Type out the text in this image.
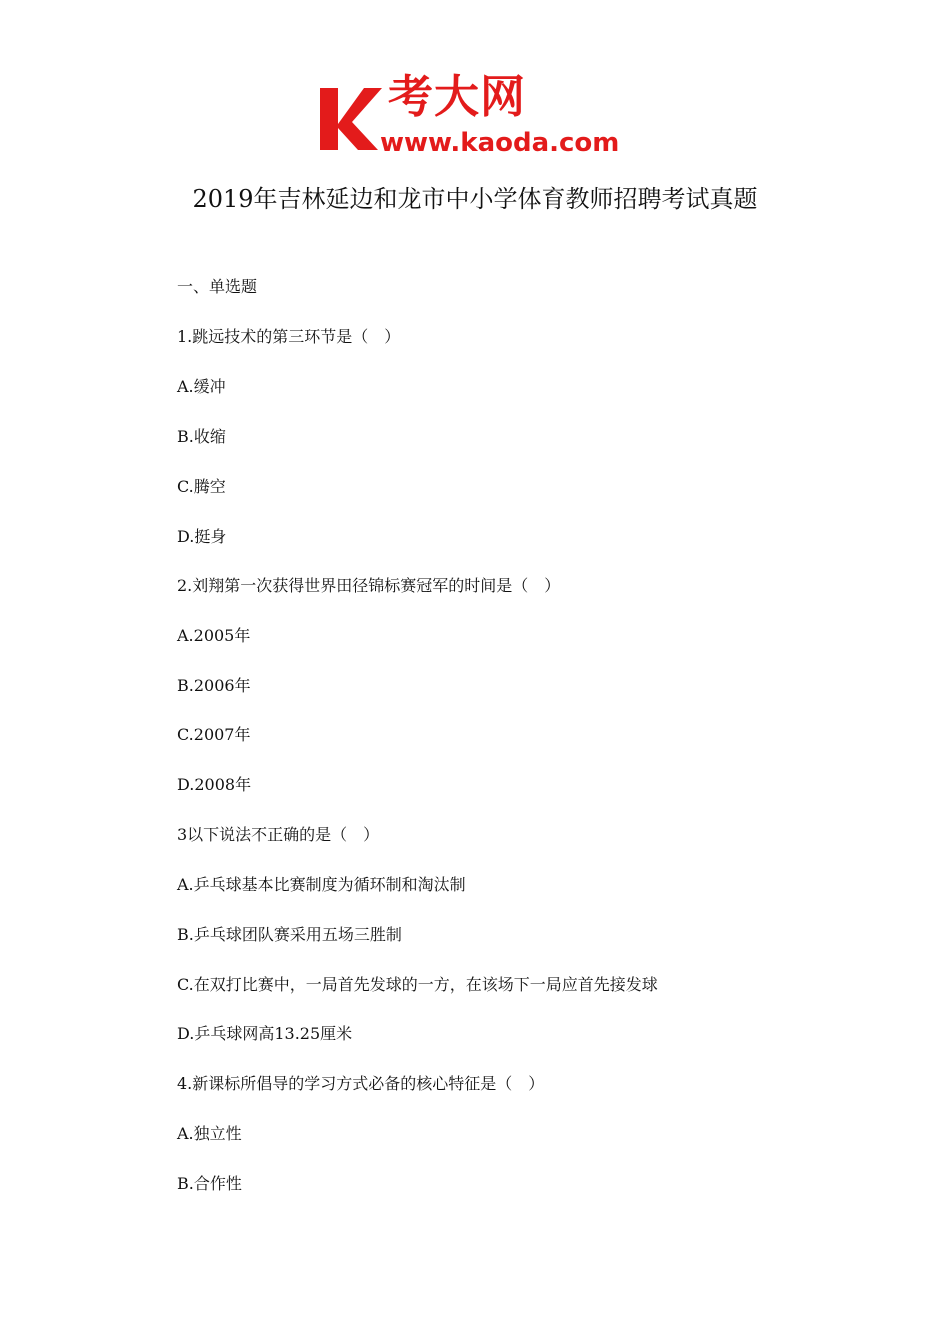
考大网
www.kaoda.com
2019年吉林延边和龙市中小学体育教师招聘考试真题
一、单选题
1.跳远技术的第三环节是（　）
A.缓冲
B.收缩
C.腾空
D.挺身
2.刘翔第一次获得世界田径锦标赛冠军的时间是（　）
A.2005年
B.2006年
C.2007年
D.2008年
3以下说法不正确的是（　）
A.乒乓球基本比赛制度为循环制和淘汰制
B.乒乓球团队赛采用五场三胜制
C.在双打比赛中，一局首先发球的一方，在该场下一局应首先接发球
D.乒乓球网高13.25厘米
4.新课标所倡导的学习方式必备的核心特征是（　）
A.独立性
B.合作性
